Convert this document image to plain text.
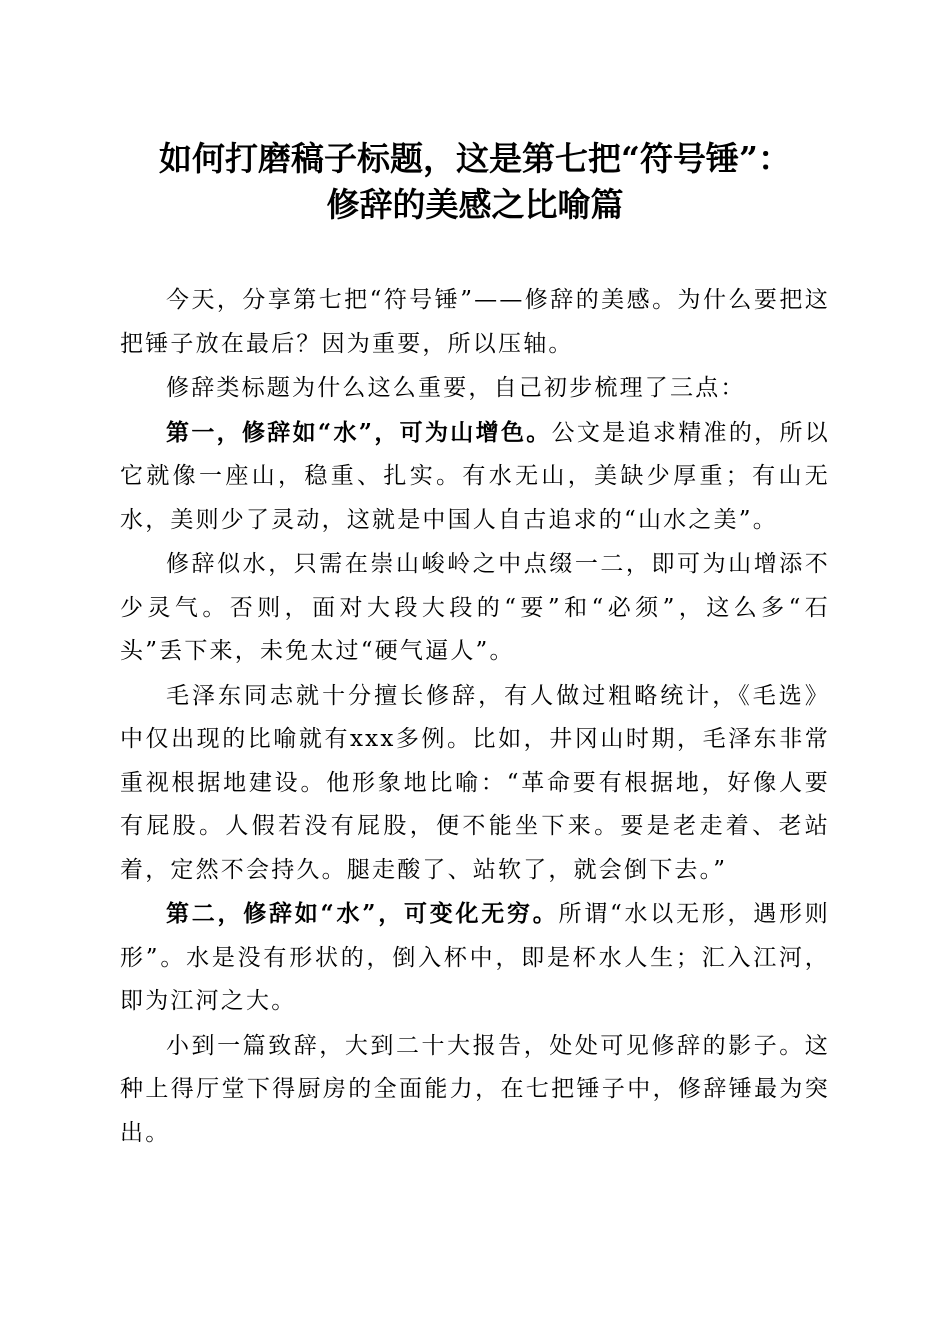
如何打磨稿子标题，这是第七把“符号锤”：
修辞的美感之比喻篇

今天，分享第七把“符号锤”——修辞的美感。为什么要把这把锤子放在最后？因为重要，所以压轴。

修辞类标题为什么这么重要，自己初步梳理了三点：

第一，修辞如“水”，可为山增色。公文是追求精准的，所以它就像一座山，稳重、扎实。有水无山，美缺少厚重；有山无水，美则少了灵动，这就是中国人自古追求的“山水之美”。

修辞似水，只需在崇山峻岭之中点缀一二，即可为山增添不少灵气。否则，面对大段大段的“要”和“必须”，这么多“石头”丢下来，未免太过“硬气逼人”。

毛泽东同志就十分擅长修辞，有人做过粗略统计，《毛选》中仅出现的比喻就有xxx多例。比如，井冈山时期，毛泽东非常重视根据地建设。他形象地比喻：“革命要有根据地，好像人要有屁股。人假若没有屁股，便不能坐下来。要是老走着、老站着，定然不会持久。腿走酸了、站软了，就会倒下去。”

第二，修辞如“水”，可变化无穷。所谓“水以无形，遇形则形”。水是没有形状的，倒入杯中，即是杯水人生；汇入江河，即为江河之大。

小到一篇致辞，大到二十大报告，处处可见修辞的影子。这种上得厅堂下得厨房的全面能力，在七把锤子中，修辞锤最为突出。
